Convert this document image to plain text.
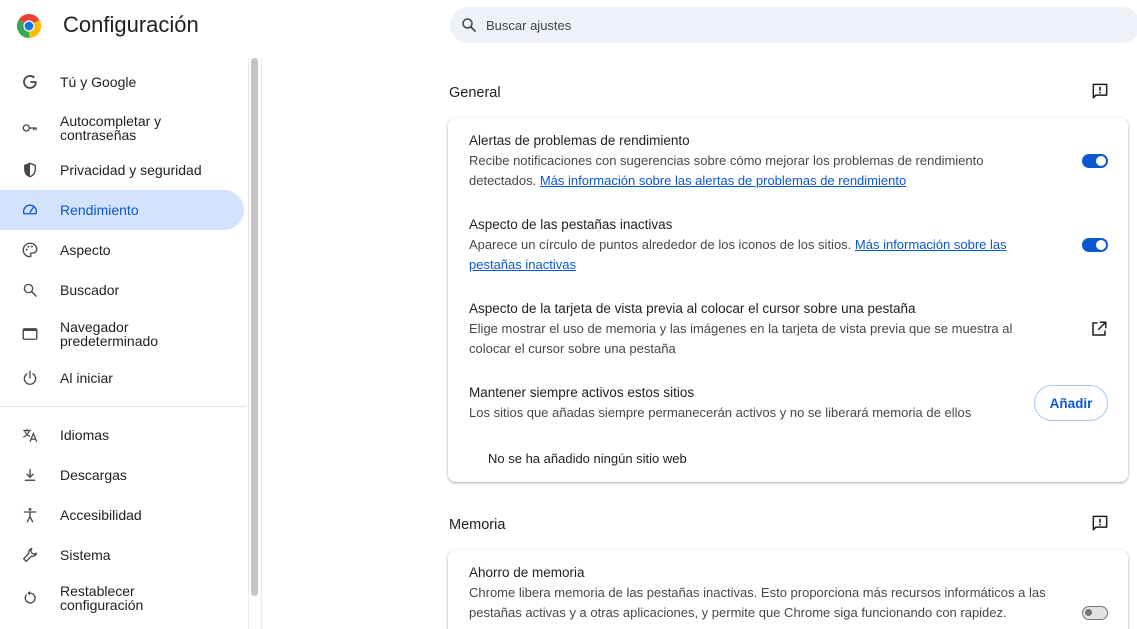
Configuración
Buscar ajustes
Tú y Google
Autocompletar y contraseñas
Privacidad y seguridad
Rendimiento
Aspecto
Buscador
Navegador predeterminado
Al iniciar
Idiomas
Descargas
Accesibilidad
Sistema
Restablecer configuración
General
Alertas de problemas de rendimiento
Recibe notificaciones con sugerencias sobre cómo mejorar los problemas de rendimiento detectados. Más información sobre las alertas de problemas de rendimiento
Aspecto de las pestañas inactivas
Aparece un círculo de puntos alrededor de los iconos de los sitios. Más información sobre las pestañas inactivas
Aspecto de la tarjeta de vista previa al colocar el cursor sobre una pestaña
Elige mostrar el uso de memoria y las imágenes en la tarjeta de vista previa que se muestra al colocar el cursor sobre una pestaña
Mantener siempre activos estos sitios
Los sitios que añadas siempre permanecerán activos y no se liberará memoria de ellos
Añadir
No se ha añadido ningún sitio web
Memoria
Ahorro de memoria
Chrome libera memoria de las pestañas inactivas. Esto proporciona más recursos informáticos a las pestañas activas y a otras aplicaciones, y permite que Chrome siga funcionando con rapidez.
